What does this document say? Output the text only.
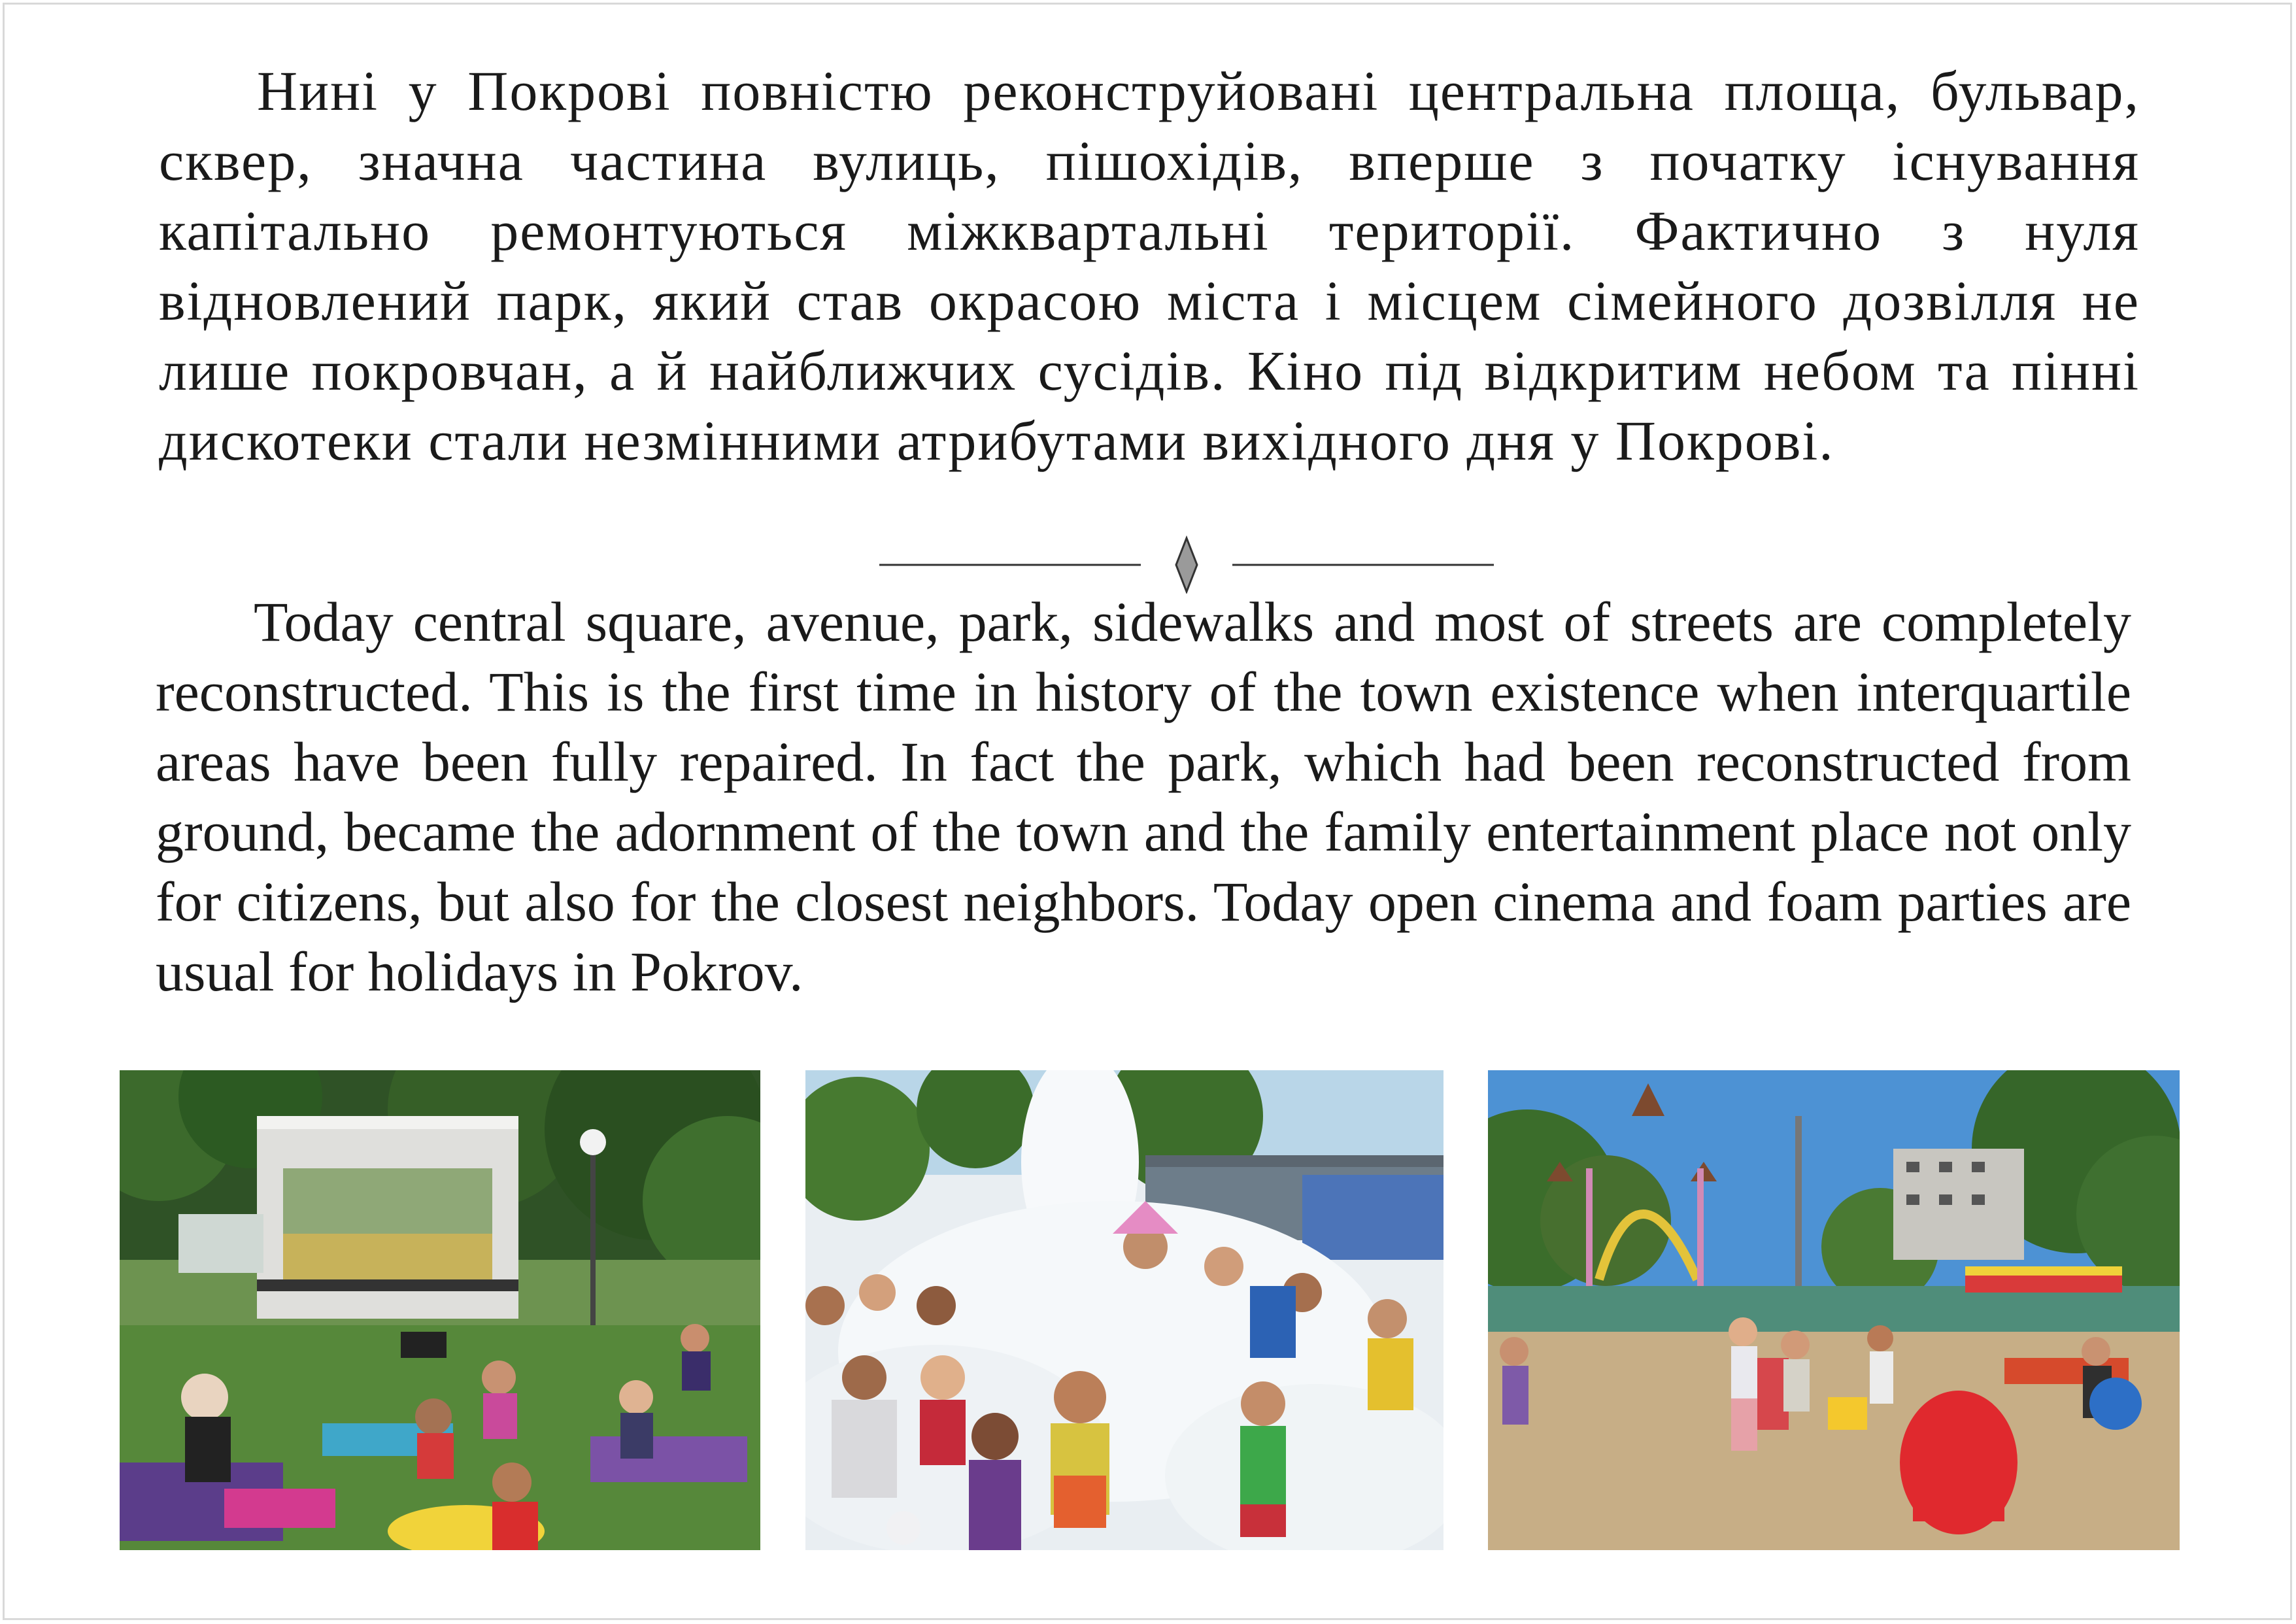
Нині у Покрові повністю реконструйовані центральна площа, бульвар, сквер, значна частина вулиць, пішохідів, вперше з початку існування капітально ремонтуються міжквартальні території. Фактично з нуля відновлений парк, який став окрасою міста і місцем сімейного дозвілля не лише покровчан, а й найближчих сусідів. Кіно під відкритим небом та пінні дискотеки стали незмінними атрибутами вихідного дня у Покрові.

Today central square, avenue, park, sidewalks and most of streets are completely reconstructed. This is the first time in history of the town existence when interquartile areas have been fully repaired. In fact the park, which had been reconstructed from ground, became the adornment of the town and the family entertainment place not only for citizens, but also for the closest neighbors. Today open cinema and foam parties are usual for holidays in Pokrov.
